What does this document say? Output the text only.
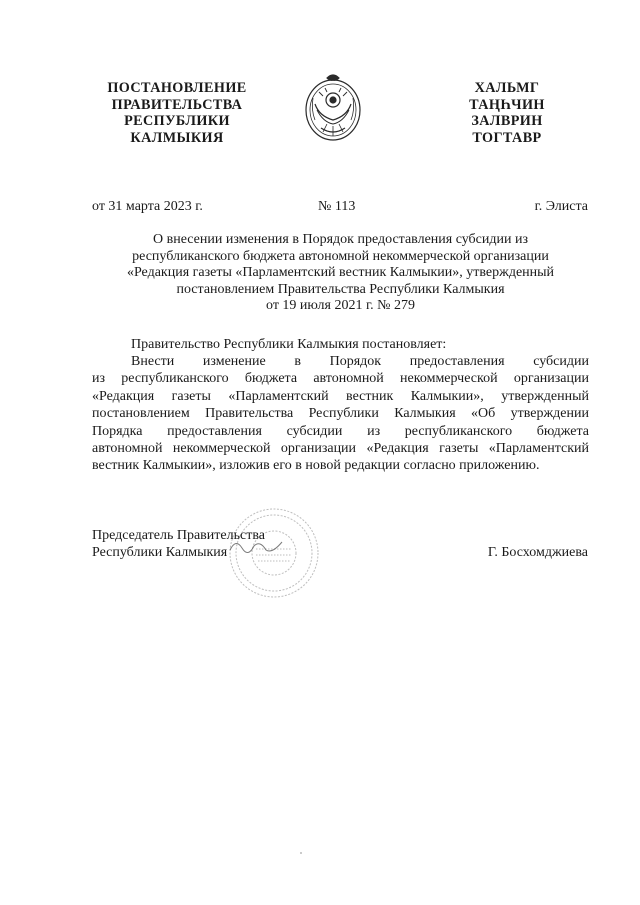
ПОСТАНОВЛЕНИЕ
ПРАВИТЕЛЬСТВА
РЕСПУБЛИКИ
КАЛМЫКИЯ
ХАЛЬМГ
ТАҢҺЧИН
ЗАЛВРИН
ТОГТАВР
от 31 марта 2023 г.	№ 113	г. Элиста
О внесении изменения в Порядок предоставления субсидии из
республиканского бюджета автономной некоммерческой организации
«Редакция газеты «Парламентский вестник Калмыкии», утвержденный
постановлением Правительства Республики Калмыкия
от 19 июля 2021 г. № 279
Правительство Республики Калмыкия постановляет:
Внести изменение в Порядок предоставления субсидии
из республиканского бюджета автономной некоммерческой организации
«Редакция газеты «Парламентский вестник Калмыкии», утвержденный
постановлением Правительства Республики Калмыкия «Об утверждении
Порядка предоставления субсидии из республиканского бюджета
автономной некоммерческой организации «Редакция газеты «Парламентский
вестник Калмыкии», изложив его в новой редакции согласно приложению.
Председатель Правительства
Республики Калмыкия	Г. Босхомджиева
